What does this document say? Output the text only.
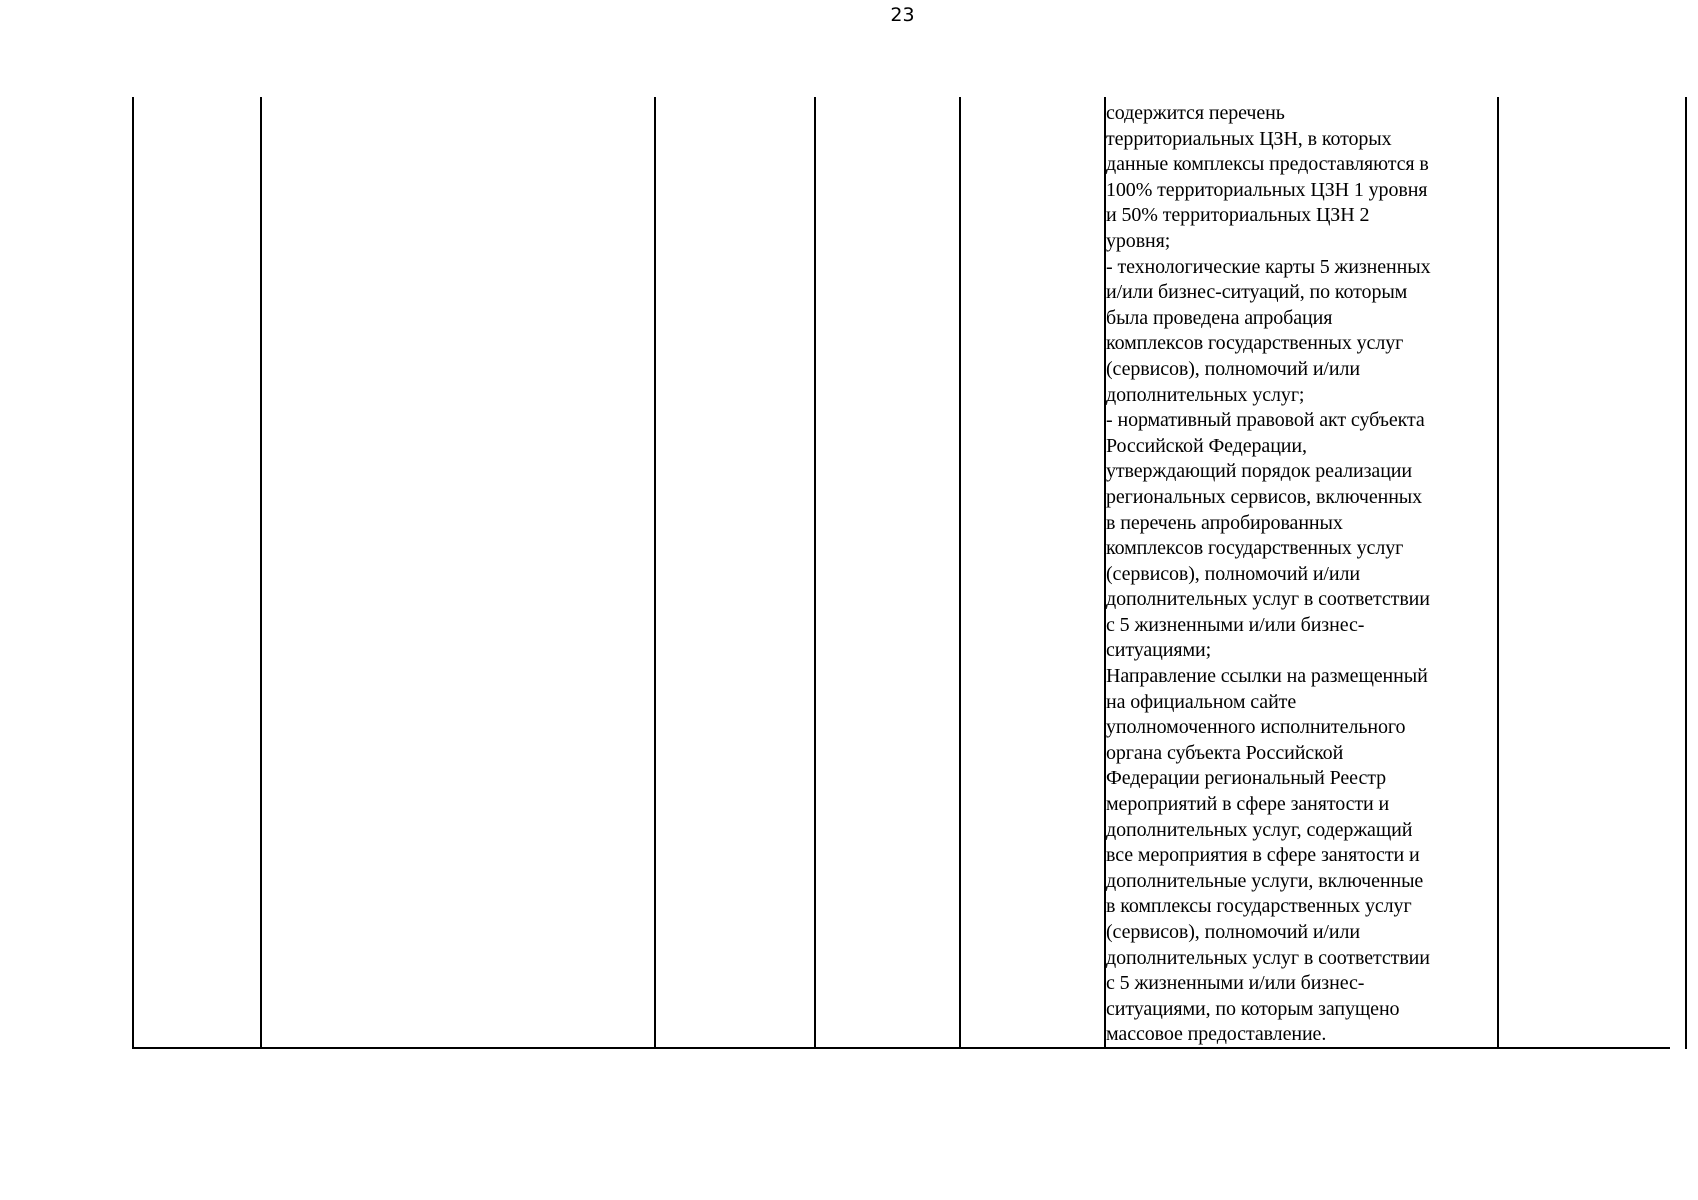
23
содержится перечень
территориальных ЦЗН, в которых
данные комплексы предоставляются в
100% территориальных ЦЗН 1 уровня
и 50% территориальных ЦЗН 2
уровня;
- технологические карты 5 жизненных
и/или бизнес-ситуаций, по которым
была проведена апробация
комплексов государственных услуг
(сервисов), полномочий и/или
дополнительных услуг;
- нормативный правовой акт субъекта
Российской Федерации,
утверждающий порядок реализации
региональных сервисов, включенных
в перечень апробированных
комплексов государственных услуг
(сервисов), полномочий и/или
дополнительных услуг в соответствии
с 5 жизненными и/или бизнес-
ситуациями;
Направление ссылки на размещенный
на официальном сайте
уполномоченного исполнительного
органа субъекта Российской
Федерации региональный Реестр
мероприятий в сфере занятости и
дополнительных услуг, содержащий
все мероприятия в сфере занятости и
дополнительные услуги, включенные
в комплексы государственных услуг
(сервисов), полномочий и/или
дополнительных услуг в соответствии
с 5 жизненными и/или бизнес-
ситуациями, по которым запущено
массовое предоставление.
